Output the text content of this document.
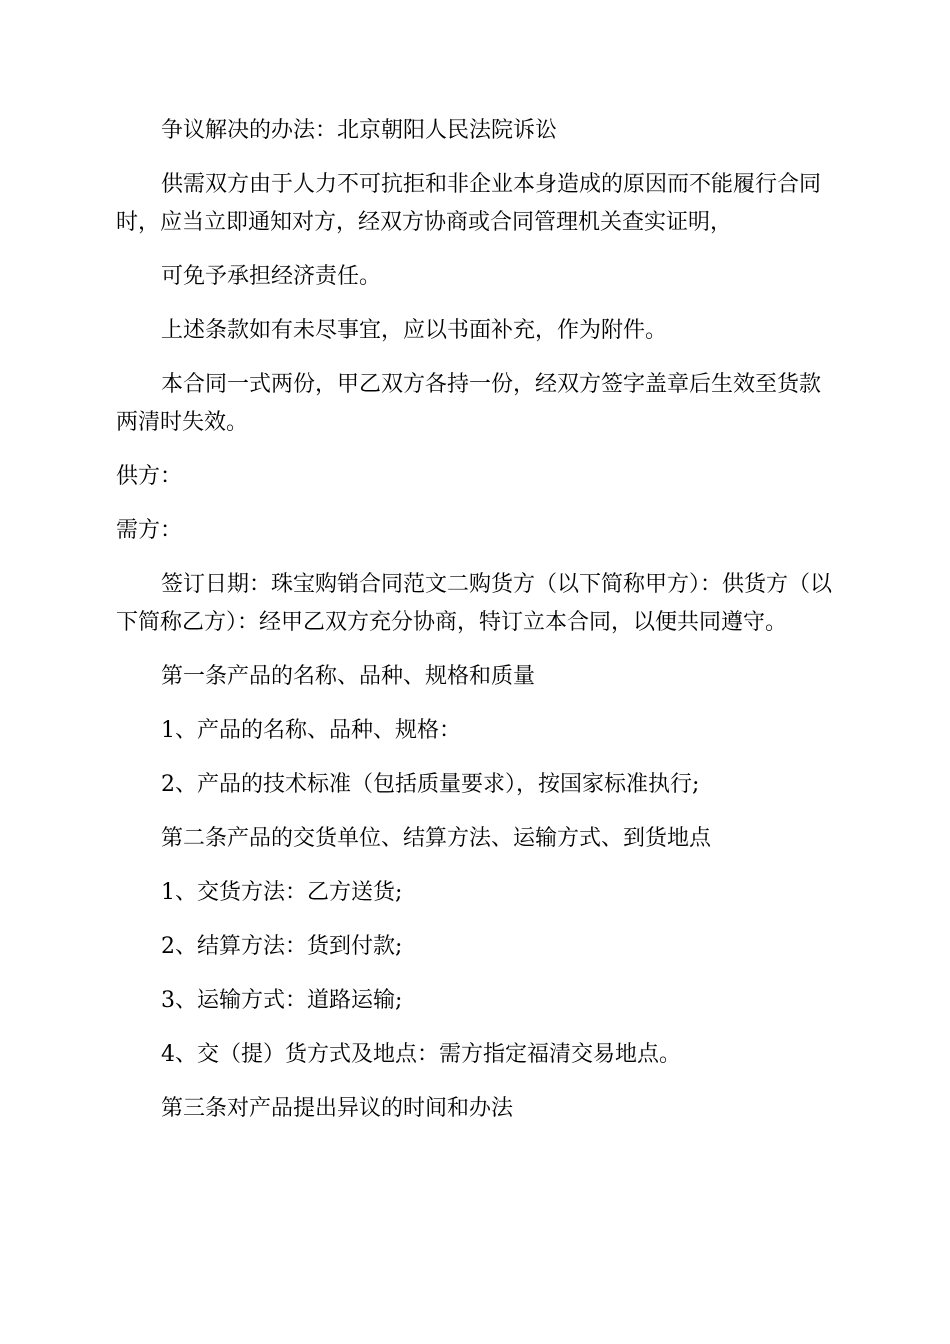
争议解决的办法：北京朝阳人民法院诉讼

供需双方由于人力不可抗拒和非企业本身造成的原因而不能履行合同时，应当立即通知对方，经双方协商或合同管理机关查实证明，

可免予承担经济责任。

上述条款如有未尽事宜，应以书面补充，作为附件。

本合同一式两份，甲乙双方各持一份，经双方签字盖章后生效至货款两清时失效。

供方：

需方：

签订日期：珠宝购销合同范文二购货方（以下简称甲方）：供货方（以下简称乙方）：经甲乙双方充分协商，特订立本合同，以便共同遵守。

第一条产品的名称、品种、规格和质量

1、产品的名称、品种、规格：

2、产品的技术标准（包括质量要求），按国家标准执行;

第二条产品的交货单位、结算方法、运输方式、到货地点

1、交货方法：乙方送货;

2、结算方法：货到付款;

3、运输方式：道路运输;

4、交（提）货方式及地点：需方指定福清交易地点。

第三条对产品提出异议的时间和办法
